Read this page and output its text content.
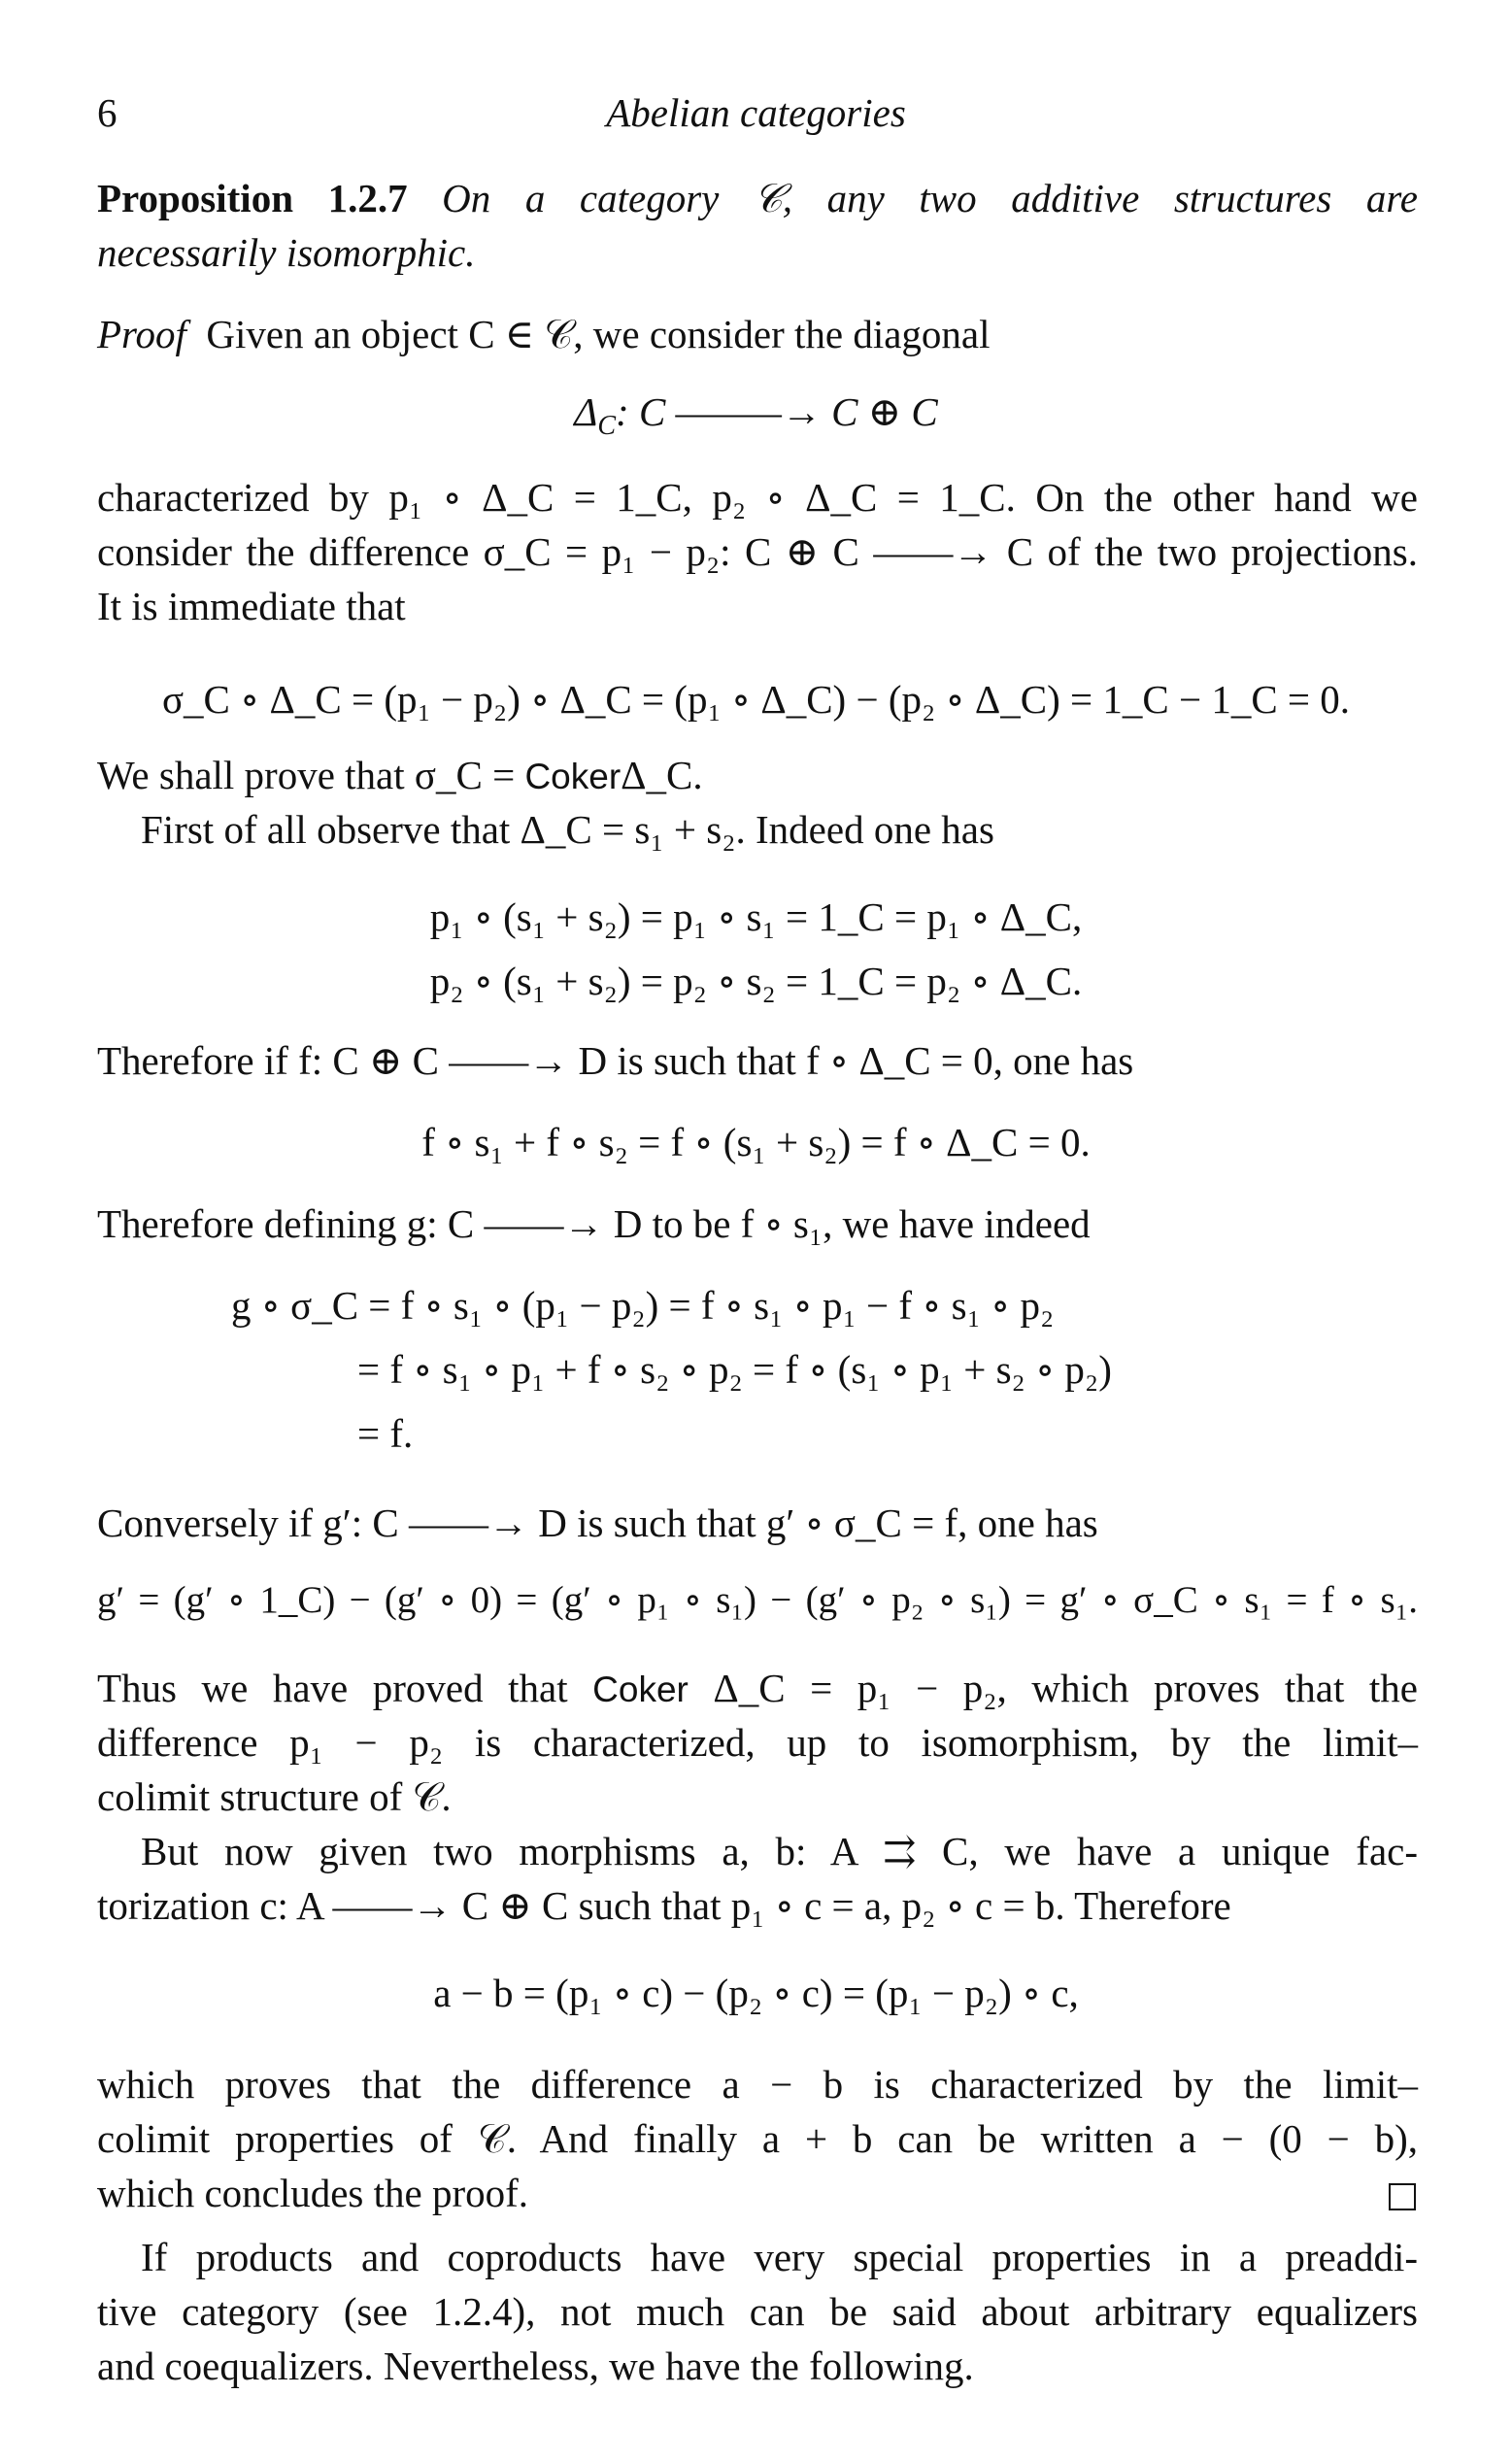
6	Abelian categories
Proposition 1.2.7 On a category 𝒞, any two additive structures are
necessarily isomorphic.
Proof Given an object C ∈ 𝒞, we consider the diagonal
$\Delta_C$: C ———→ C ⊕ C
characterized by p₁ ∘ Δ_C = 1_C, p₂ ∘ Δ_C = 1_C. On the other hand we
consider the difference σ_C = p₁ − p₂: C ⊕ C ——→ C of the two projections.
It is immediate that
σ_C ∘ Δ_C = (p₁ − p₂) ∘ Δ_C = (p₁ ∘ Δ_C) − (p₂ ∘ Δ_C) = 1_C − 1_C = 0.
We shall prove that σ_C = CokerΔ_C.
First of all observe that Δ_C = s₁ + s₂. Indeed one has
p₁ ∘ (s₁ + s₂) = p₁ ∘ s₁ = 1_C = p₁ ∘ Δ_C,
p₂ ∘ (s₁ + s₂) = p₂ ∘ s₂ = 1_C = p₂ ∘ Δ_C.
Therefore if f: C ⊕ C ——→ D is such that f ∘ Δ_C = 0, one has
f ∘ s₁ + f ∘ s₂ = f ∘ (s₁ + s₂) = f ∘ Δ_C = 0.
Therefore defining g: C ——→ D to be f ∘ s₁, we have indeed
g ∘ σ_C = f ∘ s₁ ∘ (p₁ − p₂) = f ∘ s₁ ∘ p₁ − f ∘ s₁ ∘ p₂
= f ∘ s₁ ∘ p₁ + f ∘ s₂ ∘ p₂ = f ∘ (s₁ ∘ p₁ + s₂ ∘ p₂)
= f.
Conversely if g′: C ——→ D is such that g′ ∘ σ_C = f, one has
g′ = (g′ ∘ 1_C) − (g′ ∘ 0) = (g′ ∘ p₁ ∘ s₁) − (g′ ∘ p₂ ∘ s₁) = g′ ∘ σ_C ∘ s₁ = f ∘ s₁.
Thus we have proved that Coker Δ_C = p₁ − p₂, which proves that the
difference p₁ − p₂ is characterized, up to isomorphism, by the limit–
colimit structure of 𝒞.
But now given two morphisms a, b: A ⇉ C, we have a unique fac-
torization c: A ——→ C ⊕ C such that p₁ ∘ c = a, p₂ ∘ c = b. Therefore
a − b = (p₁ ∘ c) − (p₂ ∘ c) = (p₁ − p₂) ∘ c,
which proves that the difference a − b is characterized by the limit–
colimit properties of 𝒞. And finally a + b can be written a − (0 − b),
which concludes the proof.
If products and coproducts have very special properties in a preaddi-
tive category (see 1.2.4), not much can be said about arbitrary equalizers
and coequalizers. Nevertheless, we have the following.
